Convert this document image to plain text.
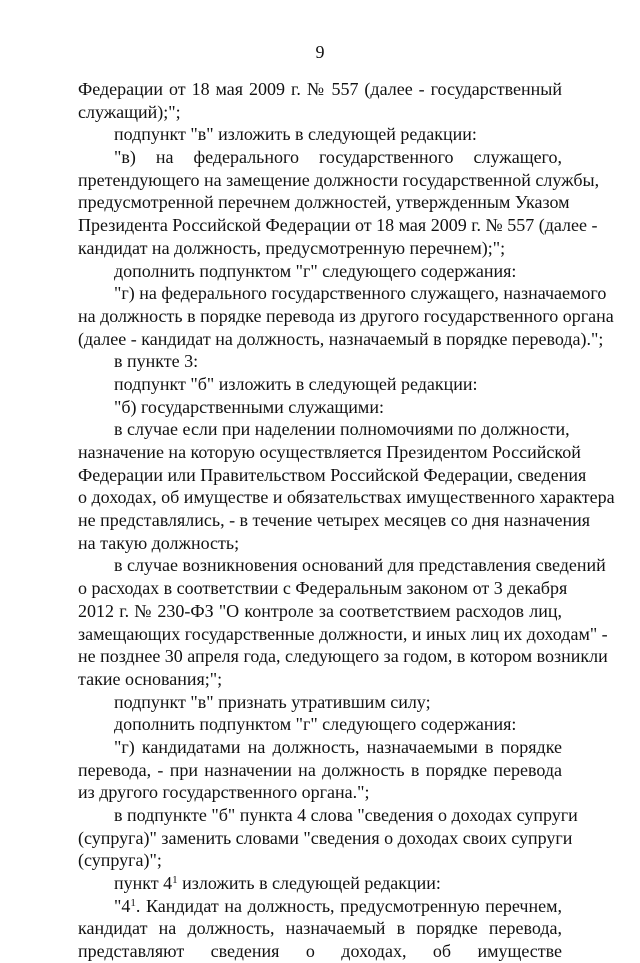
9
Федерации от 18 мая 2009 г. № 557 (далее - государственный
служащий);";
подпункт "в" изложить в следующей редакции:
"в) на федерального государственного служащего,
претендующего на замещение должности государственной службы,
предусмотренной перечнем должностей, утвержденным Указом
Президента Российской Федерации от 18 мая 2009 г. № 557 (далее -
кандидат на должность, предусмотренную перечнем);";
дополнить подпунктом "г" следующего содержания:
"г) на федерального государственного служащего, назначаемого
на должность в порядке перевода из другого государственного органа
(далее - кандидат на должность, назначаемый в порядке перевода).";
в пункте 3:
подпункт "б" изложить в следующей редакции:
"б) государственными служащими:
в случае если при наделении полномочиями по должности,
назначение на которую осуществляется Президентом Российской
Федерации или Правительством Российской Федерации, сведения
о доходах, об имуществе и обязательствах имущественного характера
не представлялись, - в течение четырех месяцев со дня назначения
на такую должность;
в случае возникновения оснований для представления сведений
о расходах в соответствии с Федеральным законом от 3 декабря
2012 г. № 230-ФЗ "О контроле за соответствием расходов лиц,
замещающих государственные должности, и иных лиц их доходам" -
не позднее 30 апреля года, следующего за годом, в котором возникли
такие основания;";
подпункт "в" признать утратившим силу;
дополнить подпунктом "г" следующего содержания:
"г) кандидатами на должность, назначаемыми в порядке
перевода, - при назначении на должность в порядке перевода
из другого государственного органа.";
в подпункте "б" пункта 4 слова "сведения о доходах супруги
(супруга)" заменить словами "сведения о доходах своих супруги
(супруга)";
пункт $4^1$ изложить в следующей редакции:
"$4^1$. Кандидат на должность, предусмотренную перечнем,
кандидат на должность, назначаемый в порядке перевода,
представляют сведения о доходах, об имуществе
